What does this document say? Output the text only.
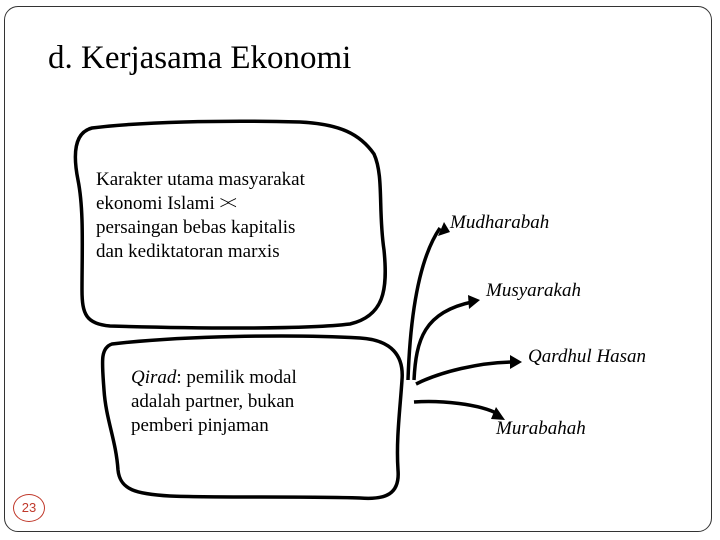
d. Kerjasama Ekonomi
Karakter utama masyarakat
ekonomi Islami ><
persaingan bebas kapitalis
dan kediktatoran marxis
Qirad: pemilik modal
adalah partner, bukan
pemberi pinjaman
Mudharabah
Musyarakah
Qardhul Hasan
Murabahah
23
